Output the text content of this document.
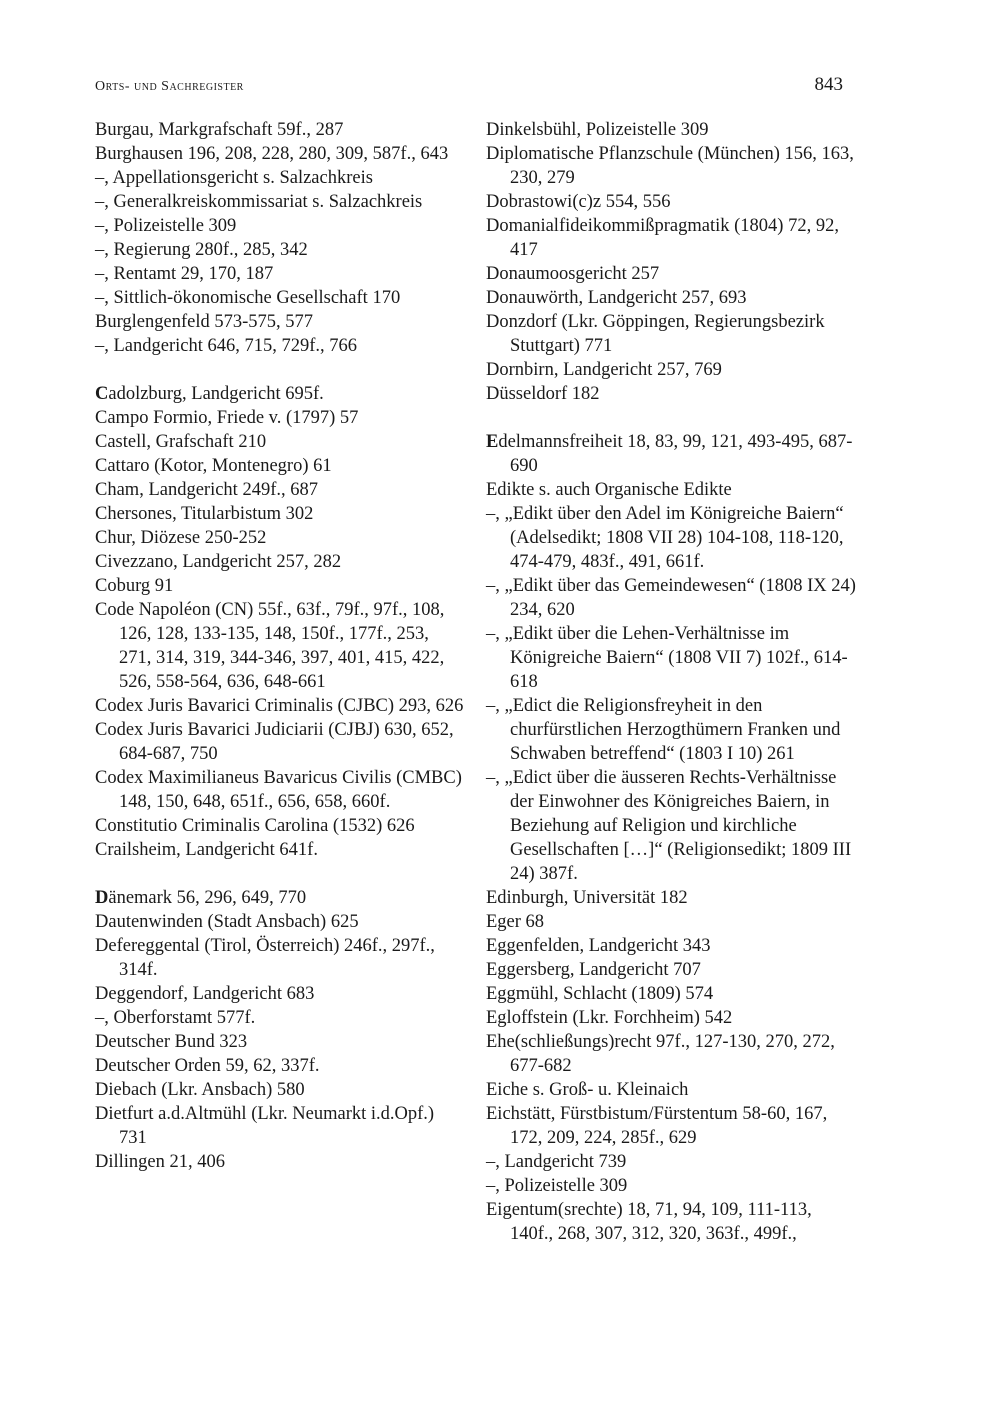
Orts- und Sachregister	843
Burgau, Markgrafschaft 59f., 287
Burghausen 196, 208, 228, 280, 309, 587f., 643
–, Appellationsgericht s. Salzachkreis
–, Generalkreiskommissariat s. Salzachkreis
–, Polizeistelle 309
–, Regierung 280f., 285, 342
–, Rentamt 29, 170, 187
–, Sittlich-ökonomische Gesellschaft 170
Burglengenfeld 573-575, 577
–, Landgericht 646, 715, 729f., 766
Cadolzburg, Landgericht 695f.
Campo Formio, Friede v. (1797) 57
Castell, Grafschaft 210
Cattaro (Kotor, Montenegro) 61
Cham, Landgericht 249f., 687
Chersones, Titularbistum 302
Chur, Diözese 250-252
Civezzano, Landgericht 257, 282
Coburg 91
Code Napoléon (CN) 55f., 63f., 79f., 97f., 108, 126, 128, 133-135, 148, 150f., 177f., 253, 271, 314, 319, 344-346, 397, 401, 415, 422, 526, 558-564, 636, 648-661
Codex Juris Bavarici Criminalis (CJBC) 293, 626
Codex Juris Bavarici Judiciarii (CJBJ) 630, 652, 684-687, 750
Codex Maximilianeus Bavaricus Civilis (CMBC) 148, 150, 648, 651f., 656, 658, 660f.
Constitutio Criminalis Carolina (1532) 626
Crailsheim, Landgericht 641f.
Dänemark 56, 296, 649, 770
Dautenwinden (Stadt Ansbach) 625
Defereggental (Tirol, Österreich) 246f., 297f., 314f.
Deggendorf, Landgericht 683
–, Oberforstamt 577f.
Deutscher Bund 323
Deutscher Orden 59, 62, 337f.
Diebach (Lkr. Ansbach) 580
Dietfurt a.d.Altmühl (Lkr. Neumarkt i.d.Opf.) 731
Dillingen 21, 406
Dinkelsbühl, Polizeistelle 309
Diplomatische Pflanzschule (München) 156, 163, 230, 279
Dobrastowi(c)z 554, 556
Domanialfideikommißpragmatik (1804) 72, 92, 417
Donaumoosgericht 257
Donauwörth, Landgericht 257, 693
Donzdorf (Lkr. Göppingen, Regierungsbezirk Stuttgart) 771
Dornbirn, Landgericht 257, 769
Düsseldorf 182
Edelmannsfreiheit 18, 83, 99, 121, 493-495, 687-690
Edikte s. auch Organische Edikte
–, „Edikt über den Adel im Königreiche Baiern“ (Adelsedikt; 1808 VII 28) 104-108, 118-120, 474-479, 483f., 491, 661f.
–, „Edikt über das Gemeindewesen“ (1808 IX 24) 234, 620
–, „Edikt über die Lehen-Verhältnisse im Königreiche Baiern“ (1808 VII 7) 102f., 614-618
–, „Edict die Religionsfreyheit in den churfürstlichen Herzogthümern Franken und Schwaben betreffend“ (1803 I 10) 261
–, „Edict über die äusseren Rechts-Verhältnisse der Einwohner des Königreiches Baiern, in Beziehung auf Religion und kirchliche Gesellschaften […]“ (Religionsedikt; 1809 III 24) 387f.
Edinburgh, Universität 182
Eger 68
Eggenfelden, Landgericht 343
Eggersberg, Landgericht 707
Eggmühl, Schlacht (1809) 574
Egloffstein (Lkr. Forchheim) 542
Ehe(schließungs)recht 97f., 127-130, 270, 272, 677-682
Eiche s. Groß- u. Kleinaich
Eichstätt, Fürstbistum/Fürstentum 58-60, 167, 172, 209, 224, 285f., 629
–, Landgericht 739
–, Polizeistelle 309
Eigentum(srechte) 18, 71, 94, 109, 111-113, 140f., 268, 307, 312, 320, 363f., 499f.,
